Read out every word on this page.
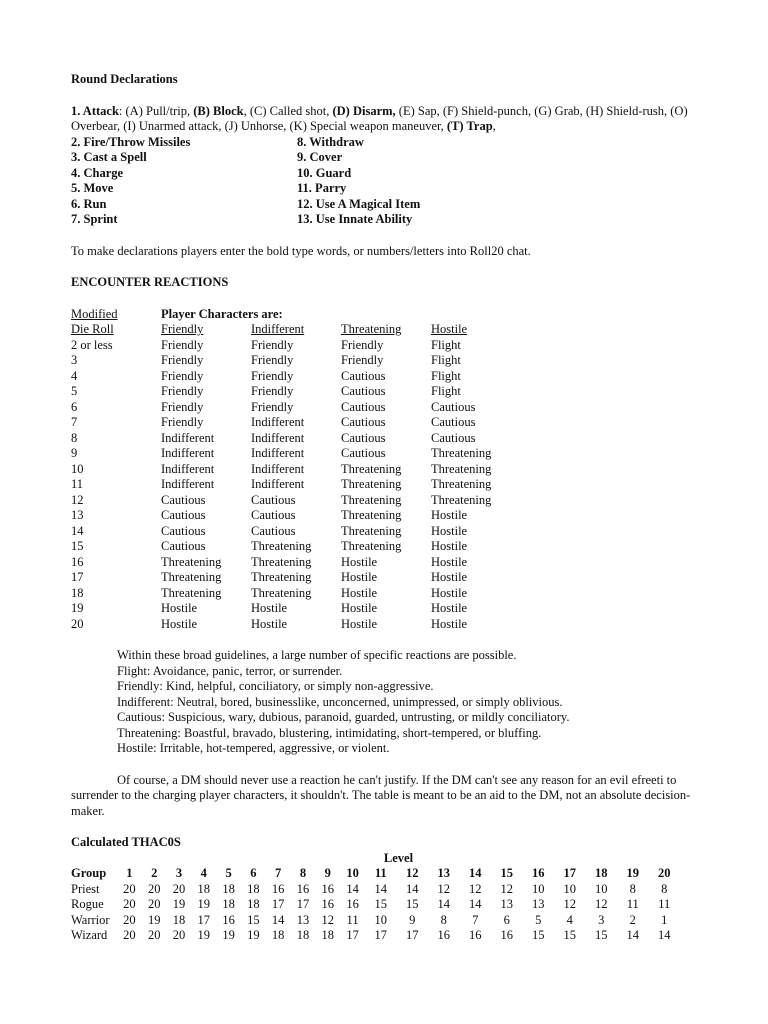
Round Declarations

1. Attack: (A) Pull/trip, (B) Block, (C) Called shot, (D) Disarm, (E) Sap, (F) Shield-punch, (G) Grab, (H) Shield-rush, (O) Overbear, (I) Unarmed attack, (J) Unhorse, (K) Special weapon maneuver, (T) Trap,

2. Fire/Throw Missiles	8. Withdraw
3. Cast a Spell	9. Cover
4. Charge	10. Guard
5. Move	11. Parry
6. Run	12. Use A Magical Item
7. Sprint	13. Use Innate Ability

To make declarations players enter the bold type words, or numbers/letters into Roll20 chat.

ENCOUNTER REACTIONS

Modified	Player Characters are:			
Die Roll	Friendly	Indifferent	Threatening	Hostile
2 or less	Friendly	Friendly	Friendly	Flight
3	Friendly	Friendly	Friendly	Flight
4	Friendly	Friendly	Cautious	Flight
5	Friendly	Friendly	Cautious	Flight
6	Friendly	Friendly	Cautious	Cautious
7	Friendly	Indifferent	Cautious	Cautious
8	Indifferent	Indifferent	Cautious	Cautious
9	Indifferent	Indifferent	Cautious	Threatening
10	Indifferent	Indifferent	Threatening	Threatening
11	Indifferent	Indifferent	Threatening	Threatening
12	Cautious	Cautious	Threatening	Threatening
13	Cautious	Cautious	Threatening	Hostile
14	Cautious	Cautious	Threatening	Hostile
15	Cautious	Threatening	Threatening	Hostile
16	Threatening	Threatening	Hostile	Hostile
17	Threatening	Threatening	Hostile	Hostile
18	Threatening	Threatening	Hostile	Hostile
19	Hostile	Hostile	Hostile	Hostile
20	Hostile	Hostile	Hostile	Hostile

Within these broad guidelines, a large number of specific reactions are possible.

Flight: Avoidance, panic, terror, or surrender.

Friendly: Kind, helpful, conciliatory, or simply non-aggressive.

Indifferent: Neutral, bored, businesslike, unconcerned, unimpressed, or simply oblivious.

Cautious: Suspicious, wary, dubious, paranoid, guarded, untrusting, or mildly conciliatory.

Threatening: Boastful, bravado, blustering, intimidating, short-tempered, or bluffing.

Hostile: Irritable, hot-tempered, aggressive, or violent.

Of course, a DM should never use a reaction he can't justify. If the DM can't see any reason for an evil efreeti to surrender to the charging player characters, it shouldn't. The table is meant to be an aid to the DM, not an absolute decision-maker.

Calculated THAC0S

	Level																			
Group	1	2	3	4	5	6	7	8	9	10	11	12	13	14	15	16	17	18	19	20
Priest	20	20	20	18	18	18	16	16	16	14	14	14	12	12	12	10	10	10	8	8
Rogue	20	20	19	19	18	18	17	17	16	16	15	15	14	14	13	13	12	12	11	11
Warrior	20	19	18	17	16	15	14	13	12	11	10	9	8	7	6	5	4	3	2	1
Wizard	20	20	20	19	19	19	18	18	18	17	17	17	16	16	16	15	15	15	14	14
